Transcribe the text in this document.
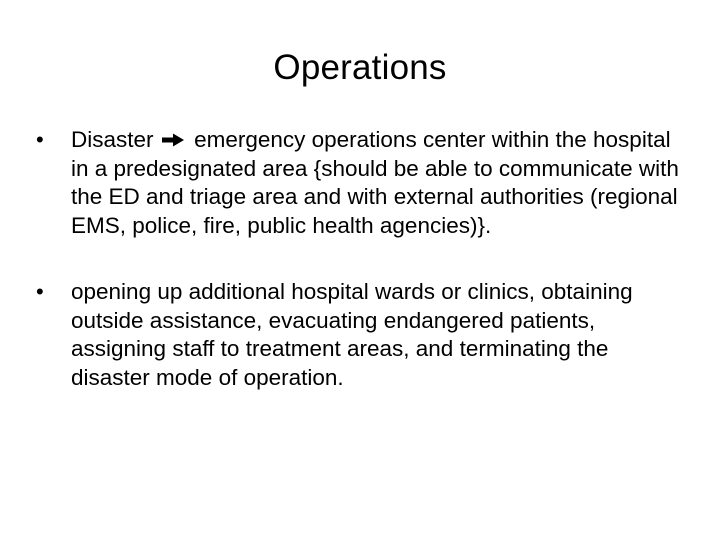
Operations
•	Disaster emergency operations center within the hospital in a predesignated area {should be able to communicate with the ED and triage area and with external authorities (regional EMS, police, fire, public health agencies)}.
•	opening up additional hospital wards or clinics, obtaining outside assistance, evacuating endangered patients, assigning staff to treatment areas, and terminating the disaster mode of operation.
